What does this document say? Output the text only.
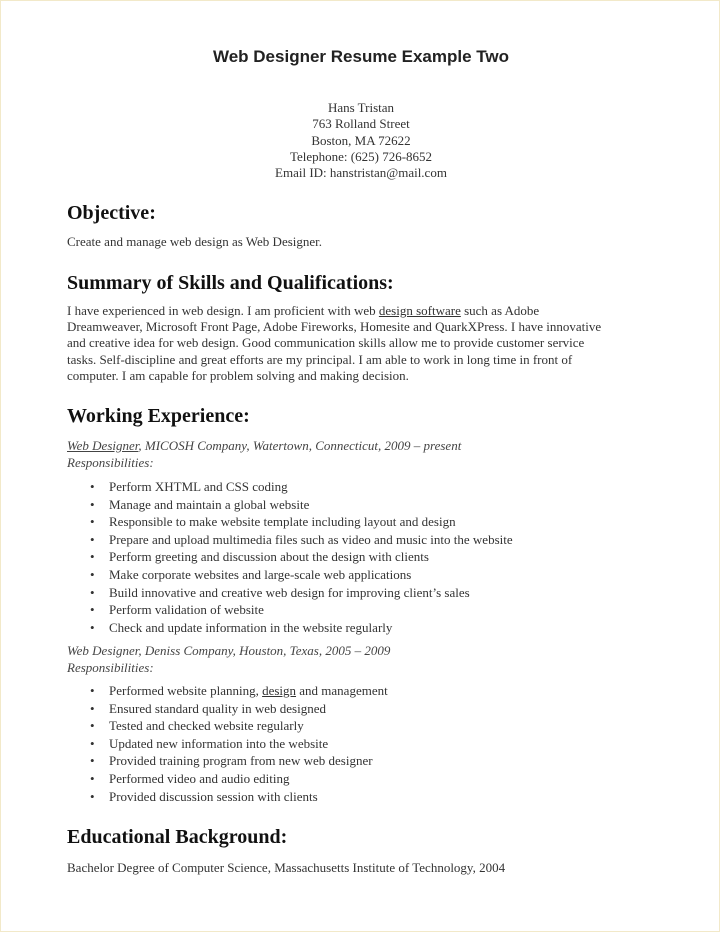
Web Designer Resume Example Two
Hans Tristan
763 Rolland Street
Boston, MA 72622
Telephone: (625) 726-8652
Email ID: hanstristan@mail.com
Objective:
Create and manage web design as Web Designer.
Summary of Skills and Qualifications:
I have experienced in web design. I am proficient with web design software such as Adobe
Dreamweaver, Microsoft Front Page, Adobe Fireworks, Homesite and QuarkXPress. I have innovative
and creative idea for web design. Good communication skills allow me to provide customer service
tasks. Self-discipline and great efforts are my principal. I am able to work in long time in front of
computer. I am capable for problem solving and making decision.
Working Experience:
Web Designer, MICOSH Company, Watertown, Connecticut, 2009 – present
Responsibilities:
• Perform XHTML and CSS coding
• Manage and maintain a global website
• Responsible to make website template including layout and design
• Prepare and upload multimedia files such as video and music into the website
• Perform greeting and discussion about the design with clients
• Make corporate websites and large-scale web applications
• Build innovative and creative web design for improving client’s sales
• Perform validation of website
• Check and update information in the website regularly
Web Designer, Deniss Company, Houston, Texas, 2005 – 2009
Responsibilities:
• Performed website planning, design and management
• Ensured standard quality in web designed
• Tested and checked website regularly
• Updated new information into the website
• Provided training program from new web designer
• Performed video and audio editing
• Provided discussion session with clients
Educational Background:
Bachelor Degree of Computer Science, Massachusetts Institute of Technology, 2004
